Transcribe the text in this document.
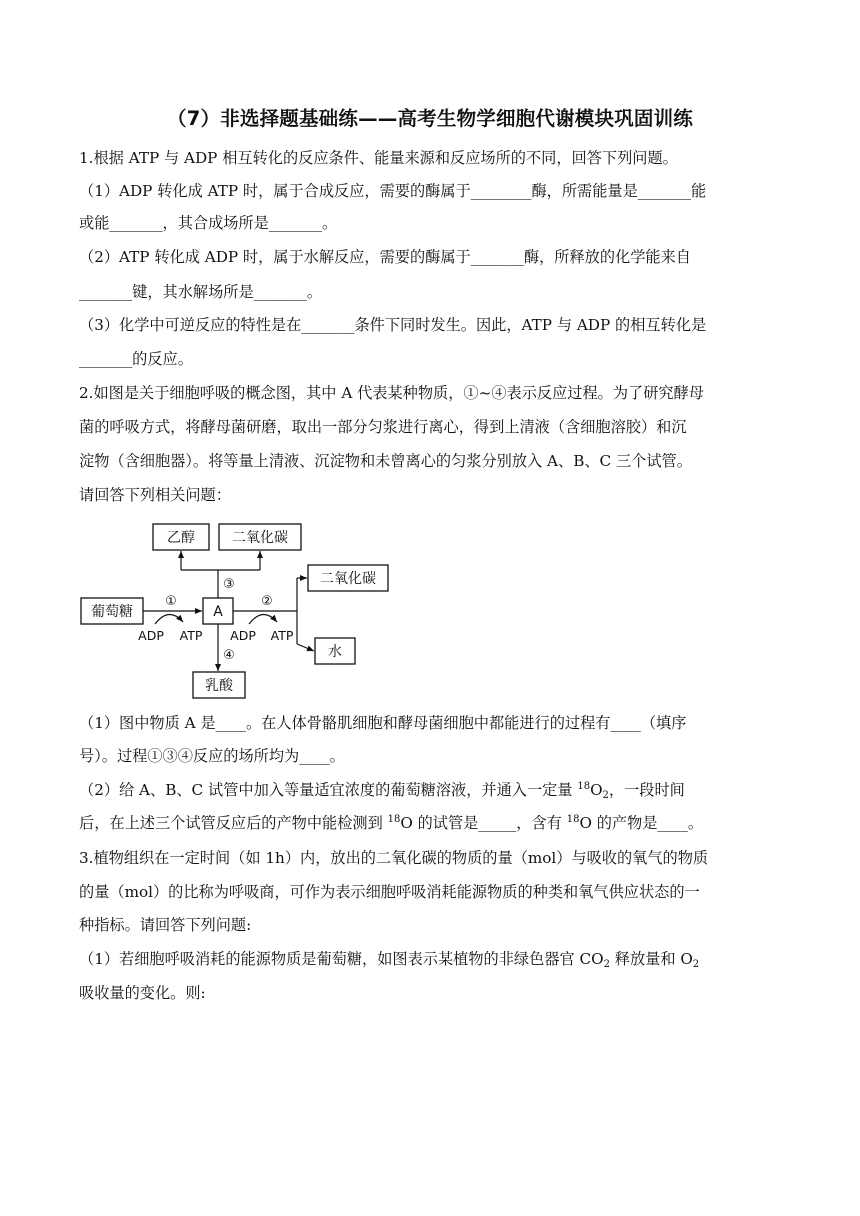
（7）非选择题基础练——高考生物学细胞代谢模块巩固训练
1.根据 ATP 与 ADP 相互转化的反应条件、能量来源和反应场所的不同，回答下列问题。
（1）ADP 转化成 ATP 时，属于合成反应，需要的酶属于________酶，所需能量是_______能
或能_______，其合成场所是_______。
（2）ATP 转化成 ADP 时，属于水解反应，需要的酶属于_______酶，所释放的化学能来自
_______键，其水解场所是_______。
（3）化学中可逆反应的特性是在_______条件下同时发生。因此，ATP 与 ADP 的相互转化是
_______的反应。
2.如图是关于细胞呼吸的概念图，其中 A 代表某种物质，①~④表示反应过程。为了研究酵母
菌的呼吸方式，将酵母菌研磨，取出一部分匀浆进行离心，得到上清液（含细胞溶胶）和沉
淀物（含细胞器）。将等量上清液、沉淀物和未曾离心的匀浆分别放入 A、B、C 三个试管。
请回答下列相关问题：
乙醇	二氧化碳
葡萄糖	A
二氧化碳
水
乳酸
①
ADP ATP
③
②
ADP ATP
④
（1）图中物质 A 是____。在人体骨骼肌细胞和酵母菌细胞中都能进行的过程有____（填序
号）。过程①③④反应的场所均为____。
（2）给 A、B、C 试管中加入等量适宜浓度的葡萄糖溶液，并通入一定量 $^{18}O_2$，一段时间
后，在上述三个试管反应后的产物中能检测到 $^{18}$O 的试管是_____，含有 $^{18}$O 的产物是____。
3.植物组织在一定时间（如 1h）内，放出的二氧化碳的物质的量（mol）与吸收的氧气的物质
的量（mol）的比称为呼吸商，可作为表示细胞呼吸消耗能源物质的种类和氧气供应状态的一
种指标。请回答下列问题:
（1）若细胞呼吸消耗的能源物质是葡萄糖，如图表示某植物的非绿色器官 $CO_2$ 释放量和 $O_2$
吸收量的变化。则:
